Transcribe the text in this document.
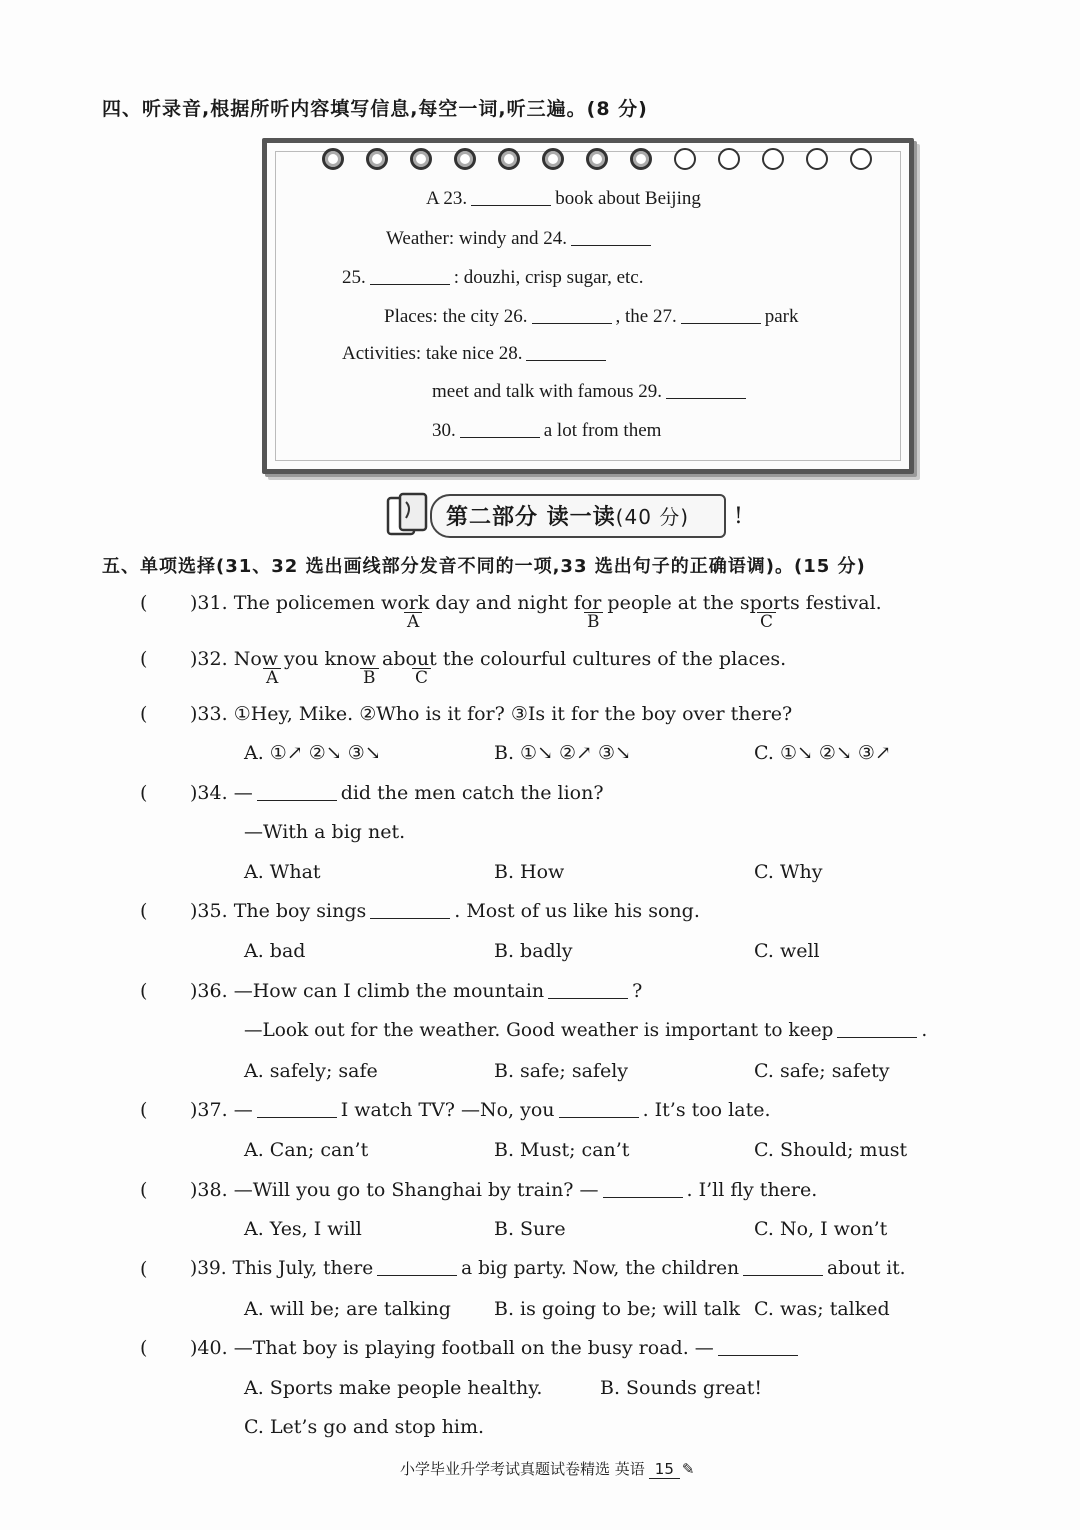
四、听录音,根据所听内容填写信息,每空一词,听三遍。(8 分)
A 23.	book about Beijing
Weather: windy and 24.
25.	: douzhi, crisp sugar, etc.
Places: the city 26.	, the 27.	park
Activities: take nice 28.
meet and talk with famous 29.
30.	a lot from them
第二部分 读一读(40 分) !
五、单项选择(31、32 选出画线部分发音不同的一项,33 选出句子的正确语调)。(15 分)
( )31. The policemen work day and night for people at the sports festival.
A	B	C
( )32. Now you know about the colourful cultures of the places.
A	B C
( )33. ①Hey, Mike. ②Who is it for? ③Is it for the boy over there?
A. ①↗ ②↘ ③↘	B. ①↘ ②↗ ③↘	C. ①↘ ②↘ ③↗
( )34. —	did the men catch the lion?
—With a big net.
A. What	B. How	C. Why
( )35. The boy sings	. Most of us like his song.
A. bad	B. badly	C. well
( )36. —How can I climb the mountain	?
—Look out for the weather. Good weather is important to keep	.
A. safely; safe	B. safe; safely	C. safe; safety
( )37. —	I watch TV? —No, you	. It’s too late.
A. Can; can’t	B. Must; can’t	C. Should; must
( )38. —Will you go to Shanghai by train? —	. I’ll fly there.
A. Yes, I will	B. Sure	C. No, I won’t
( )39. This July, there	a big party. Now, the children	about it.
A. will be; are talking B. is going to be; will talk C. was; talked
( )40. —That boy is playing football on the busy road. —
A. Sports make people healthy.	B. Sounds great!
C. Let’s go and stop him.
小学毕业升学考试真题试卷精选 英语 15 ✎
